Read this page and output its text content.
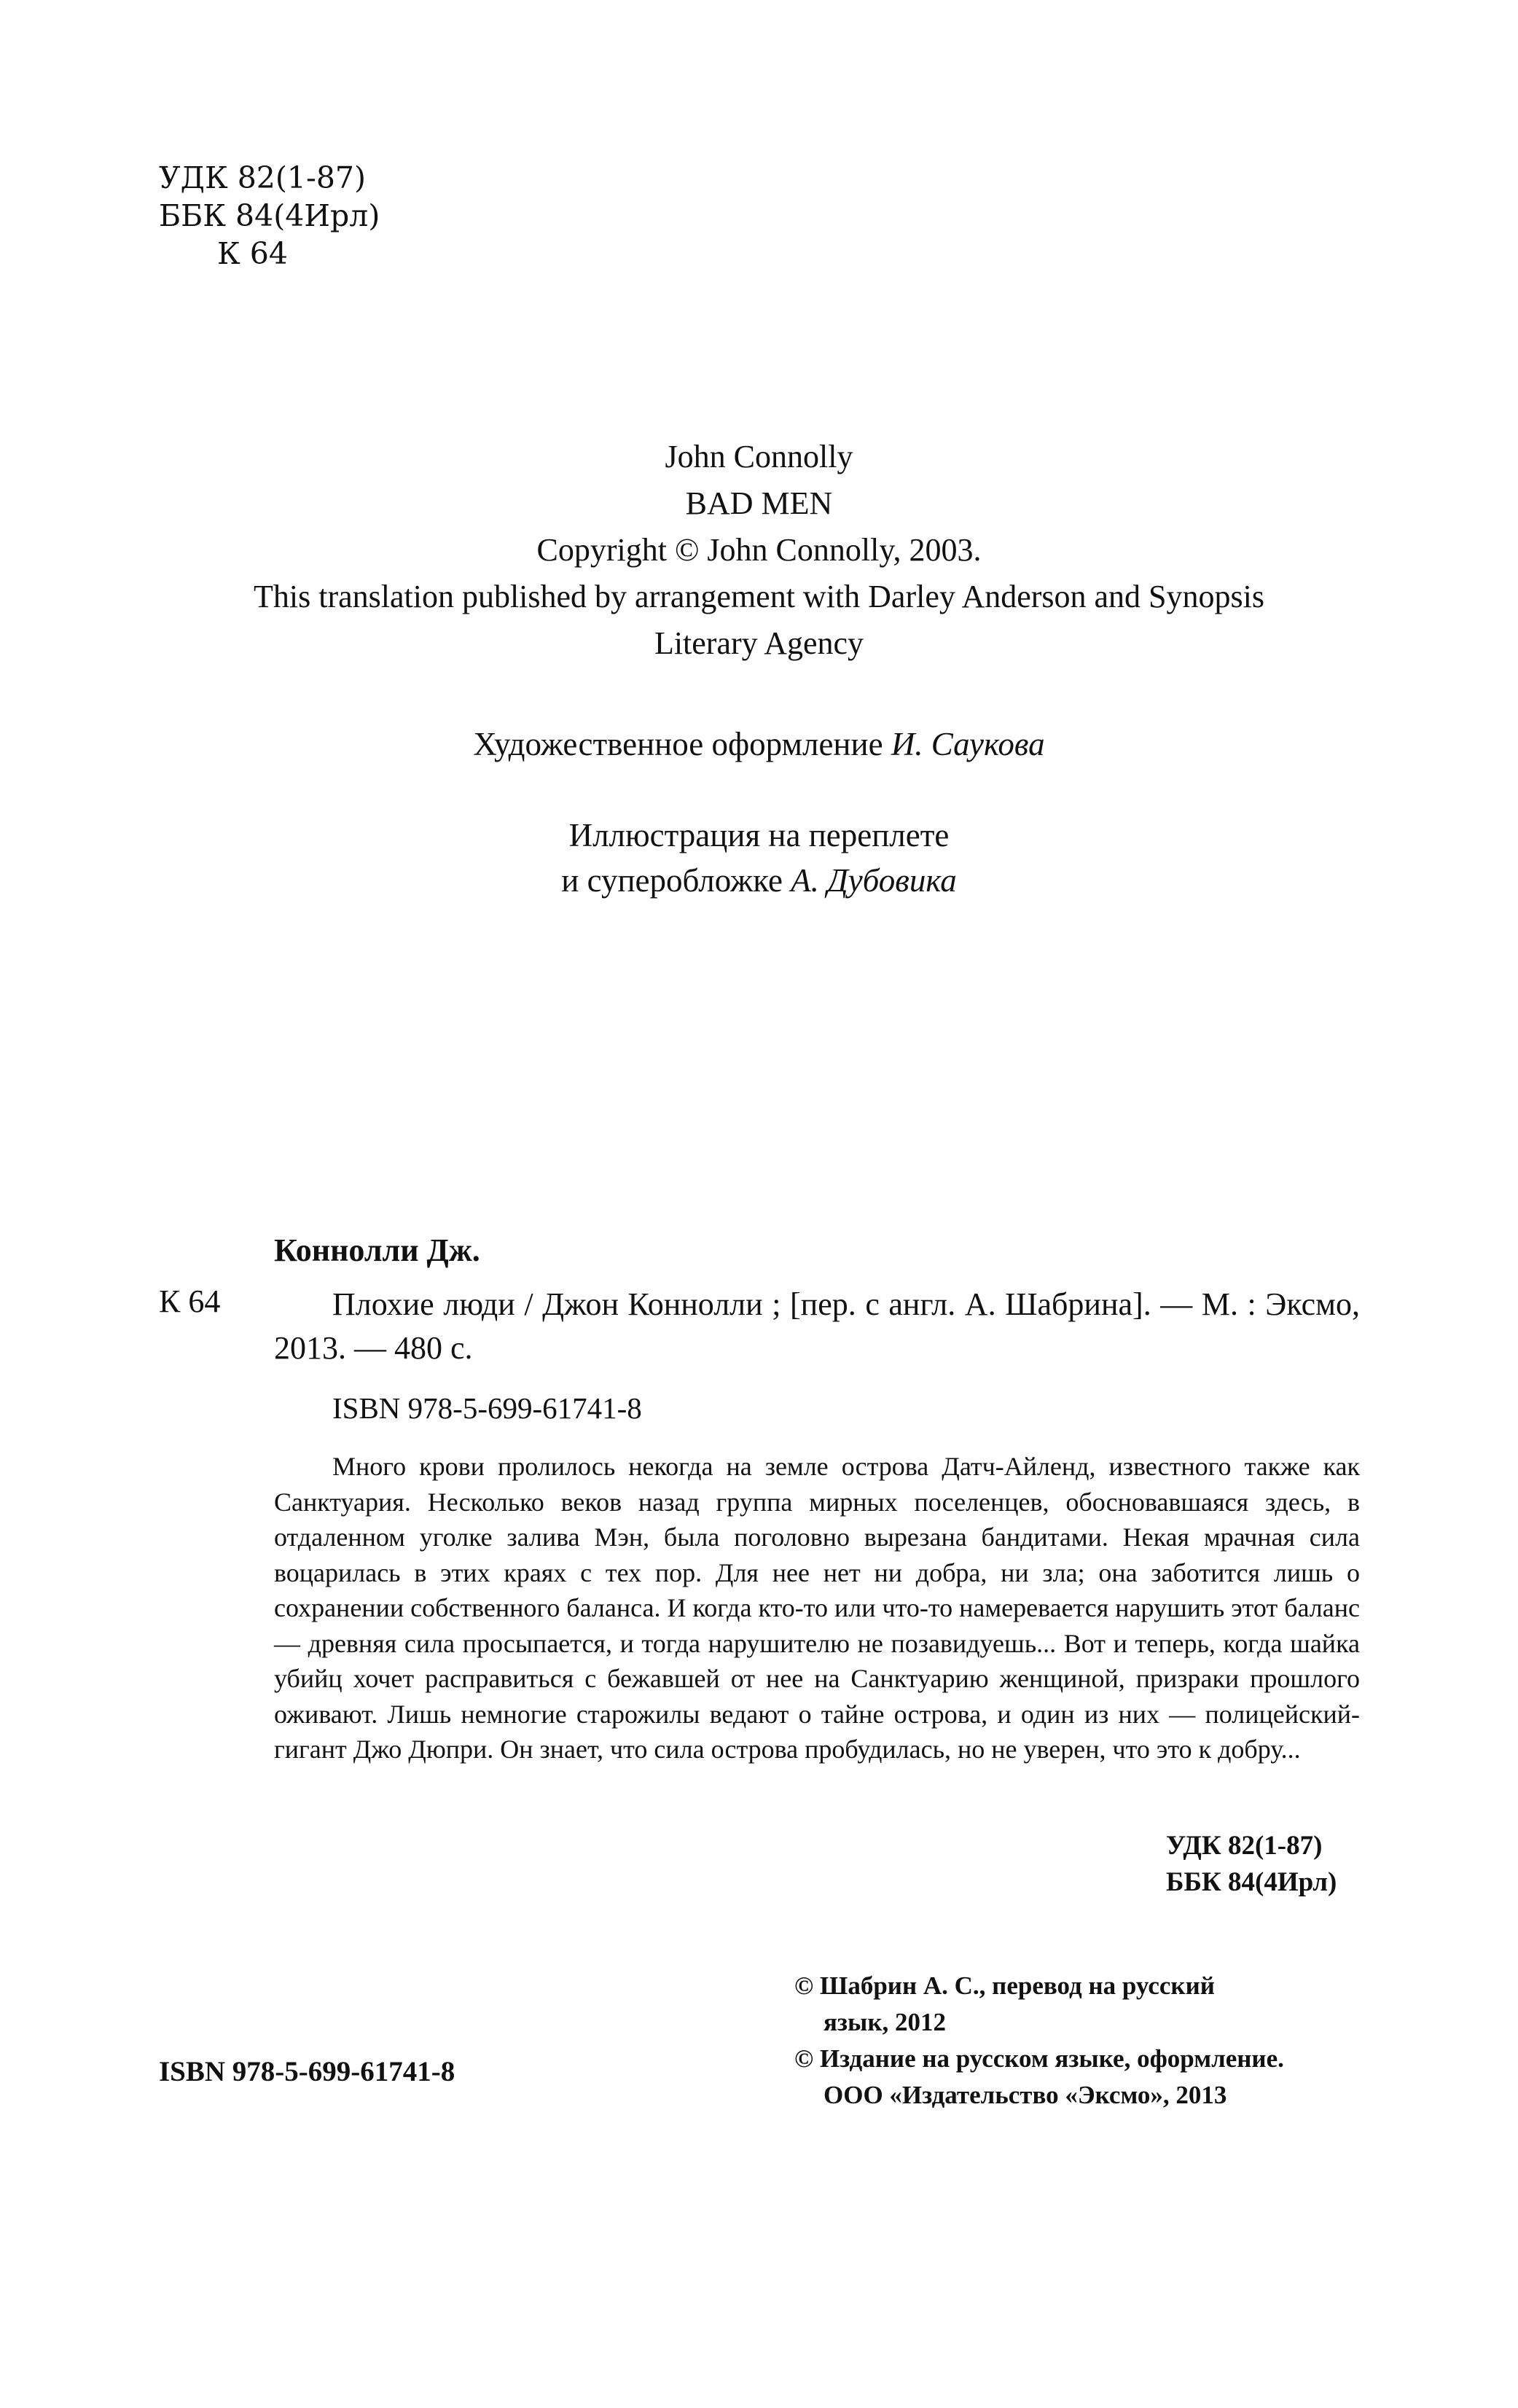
УДК 82(1-87)
ББК 84(4Ирл)
К 64
John Connolly
BAD MEN
Copyright © John Connolly, 2003.
This translation published by arrangement with Darley Anderson and Synopsis
Literary Agency
Художественное оформление И. Саукова
Иллюстрация на переплете
и суперобложке А. Дубовика
Коннолли Дж.
К 64	Плохие люди / Джон Коннолли ; [пер. с англ. А. Шабрина]. — М. : Эксмо, 2013. — 480 с.
ISBN 978-5-699-61741-8
Много крови пролилось некогда на земле острова Датч-Айленд, известного также как Санктуария. Несколько веков назад группа мирных поселенцев, обосновавшаяся здесь, в отдаленном уголке залива Мэн, была поголовно вырезана бандитами. Некая мрачная сила воцарилась в этих краях с тех пор. Для нее нет ни добра, ни зла; она заботится лишь о сохранении собственного баланса. И когда кто-то или что-то намеревается нарушить этот баланс — древняя сила просыпается, и тогда нарушителю не позавидуешь... Вот и теперь, когда шайка убийц хочет расправиться с бежавшей от нее на Санктуарию женщиной, призраки прошлого оживают. Лишь немногие старожилы ведают о тайне острова, и один из них — полицейский-гигант Джо Дюпри. Он знает, что сила острова пробудилась, но не уверен, что это к добру...
УДК 82(1-87)
ББК 84(4Ирл)
© Шабрин А. С., перевод на русский
язык, 2012
© Издание на русском языке, оформление.
ООО «Издательство «Эксмо», 2013
ISBN 978-5-699-61741-8
